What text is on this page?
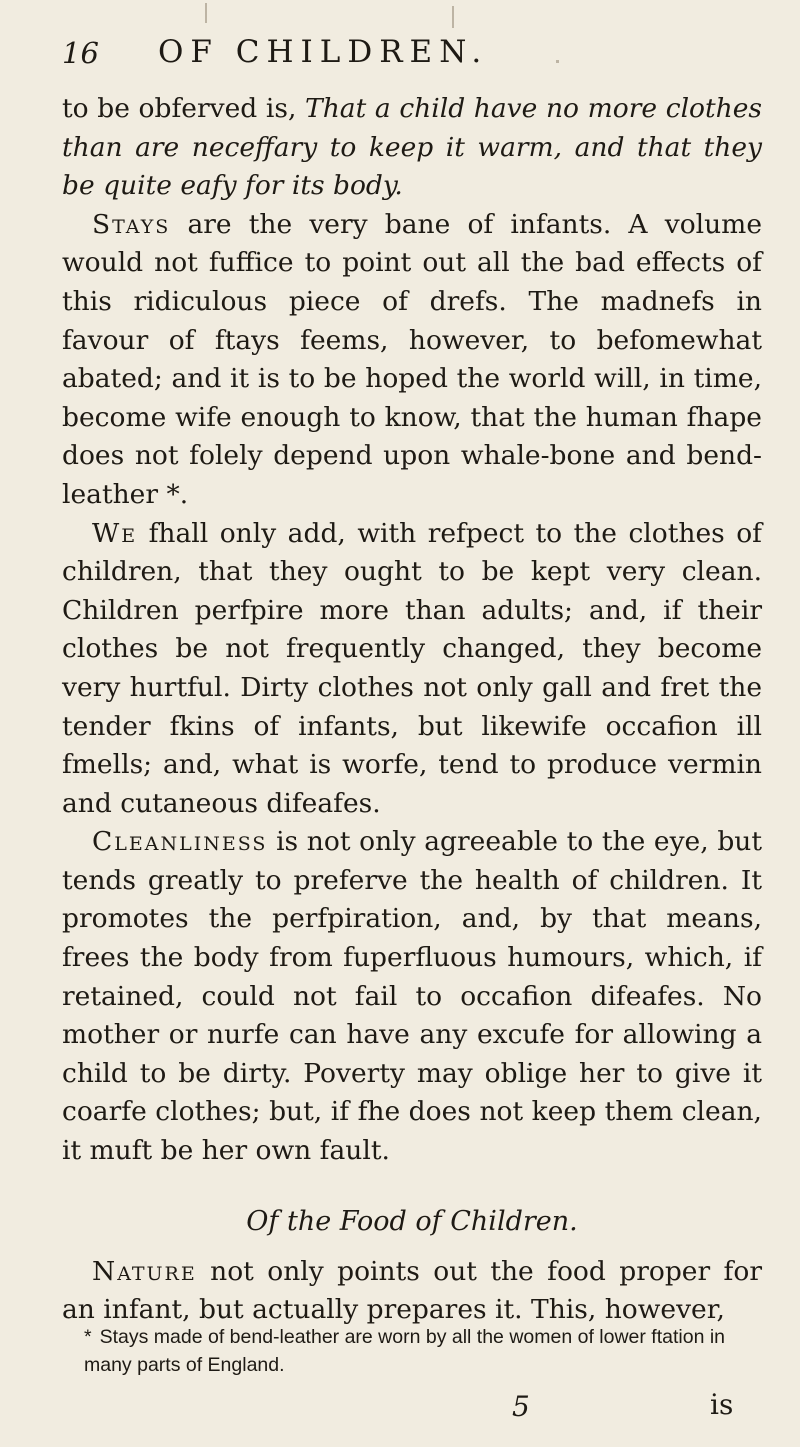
16 OF CHILDREN.
to be obferved is, That a child have no more clothes than are neceffary to keep it warm, and that they be quite eafy for its body.
Stays are the very bane of infants. A volume would not fuffice to point out all the bad effects of this ridiculous piece of drefs. The madnefs in favour of ftays feems, however, to befomewhat abated; and it is to be hoped the world will, in time, become wife enough to know, that the human fhape does not folely depend upon whale-bone and bend-leather *.
We fhall only add, with refpect to the clothes of children, that they ought to be kept very clean. Children perfpire more than adults; and, if their clothes be not frequently changed, they become very hurtful. Dirty clothes not only gall and fret the tender fkins of infants, but likewife occafion ill fmells; and, what is worfe, tend to produce vermin and cutaneous difeafes.
Cleanliness is not only agreeable to the eye, but tends greatly to preferve the health of children. It promotes the perfpiration, and, by that means, frees the body from fuperfluous humours, which, if retained, could not fail to occafion difeafes. No mother or nurfe can have any excufe for allowing a child to be dirty. Poverty may oblige her to give it coarfe clothes; but, if fhe does not keep them clean, it muft be her own fault.
Of the Food of Children.
Nature not only points out the food proper for an infant, but actually prepares it. This, however,
* Stays made of bend-leather are worn by all the women of lower ftation in many parts of England.
5	is
